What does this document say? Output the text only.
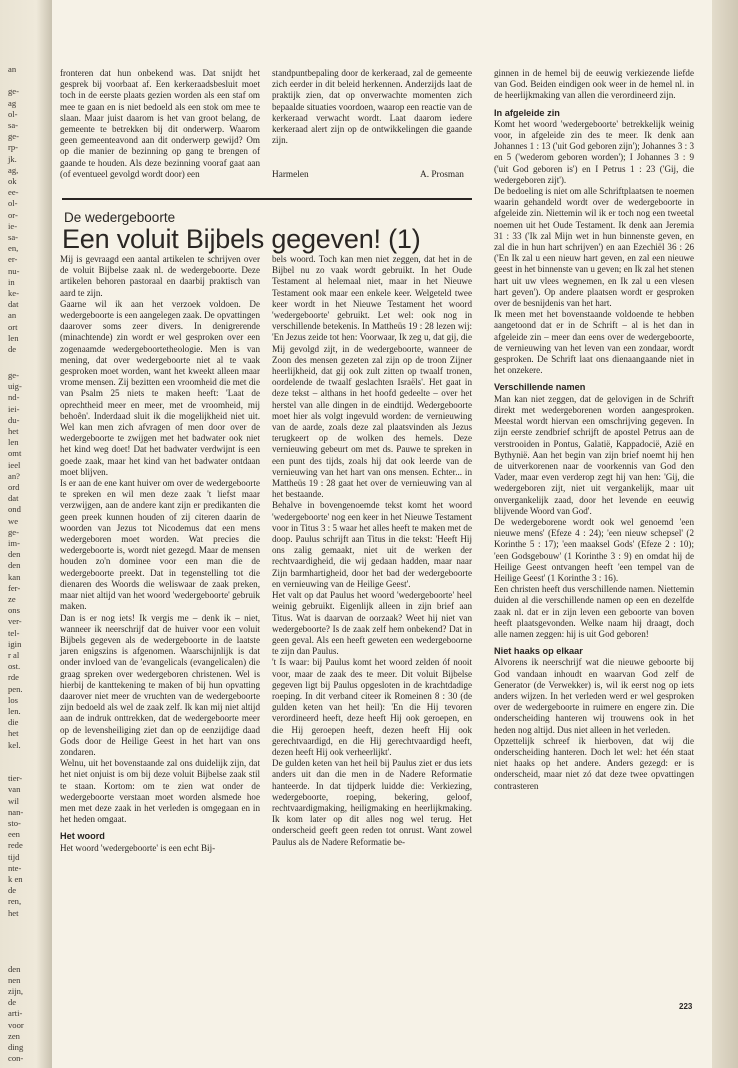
an
ge-
ag
ol-
sa-
ge-
rp-
jk.
ag,
ok
ee-
ol-
or-
ie-
sa-
en,
er-
nu-
in
ke-
dat
an
ort
len
de
ge-
uig-
nd-
iei-
du-
het
len
omt
ieel
an?
ord
dat
ond
we
ge-
im-
den
den
kan
fer-
ze
ons
ver-
tel-
igin
r al
ost.
rde
pen.
los
len.
die
het
kel.
tier-
van
wil
nan-
sto-
een
rede
tijd
nte-
k en
de
ren,
het
den
nen
zijn,
de
arti-
voor
zen
ding
con-

fronteren dat hun onbekend was. Dat snijdt het gesprek bij voorbaat af. Een kerkeraadsbesluit moet toch in de eerste plaats gezien worden als een staf om mee te gaan en is niet bedoeld als een stok om mee te slaan. Maar juist daarom is het van groot belang, de gemeente te betrekken bij dit onderwerp. Waarom geen gemeenteavond aan dit onderwerp gewijd? Om op die manier de bezinning op gang te brengen of gaande te houden. Als deze bezinning vooraf gaat aan (of eventueel gevolgd wordt door) een

De wedergeboorte
Een voluit Bijbels gegeven! (1)

Mij is gevraagd een aantal artikelen te schrijven over de voluit Bijbelse zaak nl. de wedergeboorte. Deze artikelen behoren pastoraal en daarbij praktisch van aard te zijn.

Gaarne wil ik aan het verzoek voldoen. De wedergeboorte is een aangelegen zaak. De opvattingen daarover soms zeer divers. In denigrerende (minachtende) zin wordt er wel gesproken over een zogenaamde wedergeboortetheologie. Men is van mening, dat over wedergeboorte niet al te vaak gesproken moet worden, want het kweekt alleen maar vrome mensen. Zij bezitten een vroomheid die met die van Psalm 25 niets te maken heeft: 'Laat de oprechtheid meer en meer, met de vroomheid, mij behoên'. Inderdaad sluit ik die mogelijkheid niet uit. Wel kan men zich afvragen of men door over de wedergeboorte te zwijgen met het badwater ook niet het kind weg doet! Dat het badwater verdwijnt is een goede zaak, maar het kind van het badwater ontdaan moet blijven.

Is er aan de ene kant huiver om over de wedergeboorte te spreken en wil men deze zaak 't liefst maar verzwijgen, aan de andere kant zijn er predikanten die geen preek kunnen houden of zij citeren daarin de woorden van Jezus tot Nicodemus dat een mens wedergeboren moet worden. Wat precies die wedergeboorte is, wordt niet gezegd. Maar de mensen houden zo'n dominee voor een man die de wedergeboorte preekt. Dat in tegenstelling tot die dienaren des Woords die weliswaar de zaak preken, maar niet altijd van het woord 'wedergeboorte' gebruik maken.

Dan is er nog iets! Ik vergis me – denk ik – niet, wanneer ik neerschrijf dat de huiver voor een voluit Bijbels gegeven als de wedergeboorte in de laatste jaren enigszins is afgenomen. Waarschijnlijk is dat onder invloed van de 'evangelicals (evangelicalen) die graag spreken over wedergeboren christenen. Wel is hierbij de kanttekening te maken of bij hun opvatting daarover niet meer de vruchten van de wedergeboorte zijn bedoeld als wel de zaak zelf. Ik kan mij niet altijd aan de indruk onttrekken, dat de wedergeboorte meer op de levensheiliging ziet dan op de eenzijdige daad Gods door de Heilige Geest in het hart van ons zondaren.

Welnu, uit het bovenstaande zal ons duidelijk zijn, dat het niet onjuist is om bij deze voluit Bijbelse zaak stil te staan. Kortom: om te zien wat onder de wedergeboorte verstaan moet worden alsmede hoe men met deze zaak in het verleden is omgegaan en in het heden omgaat.

Het woord

Het woord 'wedergeboorte' is een echt Bij-

standpuntbepaling door de kerkeraad, zal de gemeente zich eerder in dit beleid herkennen. Anderzijds laat de praktijk zien, dat op onverwachte momenten zich bepaalde situaties voordoen, waarop een reactie van de kerkeraad verwacht wordt. Laat daarom iedere kerkeraad alert zijn op de ontwikkelingen die gaande zijn.

Harmelen	A. Prosman

bels woord. Toch kan men niet zeggen, dat het in de Bijbel nu zo vaak wordt gebruikt. In het Oude Testament al helemaal niet, maar in het Nieuwe Testament ook maar een enkele keer. Welgeteld twee keer wordt in het Nieuwe Testament het woord 'wedergeboorte' gebruikt. Let wel: ook nog in verschillende betekenis. In Mattheüs 19 : 28 lezen wij: 'En Jezus zeide tot hen: Voorwaar, Ik zeg u, dat gij, die Mij gevolgd zijt, in de wedergeboorte, wanneer de Zoon des mensen gezeten zal zijn op de troon Zijner heerlijkheid, dat gij ook zult zitten op twaalf tronen, oordelende de twaalf geslachten Israëls'. Het gaat in deze tekst – althans in het hoofd gedeelte – over het herstel van alle dingen in de eindtijd. Wedergeboorte moet hier als volgt ingevuld worden: de vernieuwing van de aarde, zoals deze zal plaatsvinden als Jezus terugkeert op de wolken des hemels. Deze vernieuwing gebeurt om met ds. Pauwe te spreken in een punt des tijds, zoals hij dat ook leerde van de vernieuwing van het hart van ons mensen. Echter... in Mattheüs 19 : 28 gaat het over de vernieuwing van al het bestaande.

Behalve in bovengenoemde tekst komt het woord 'wedergeboorte' nog een keer in het Nieuwe Testament voor in Titus 3 : 5 waar het alles heeft te maken met de doop. Paulus schrijft aan Titus in die tekst: 'Heeft Hij ons zalig gemaakt, niet uit de werken der rechtvaardigheid, die wij gedaan hadden, maar naar Zijn barmhartigheid, door het bad der wedergeboorte en vernieuwing van de Heilige Geest'.

Het valt op dat Paulus het woord 'wedergeboorte' heel weinig gebruikt. Eigenlijk alleen in zijn brief aan Titus. Wat is daarvan de oorzaak? Weet hij niet van wedergeboorte? Is de zaak zelf hem onbekend? Dat in geen geval. Als een heeft geweten een wedergeboorne te zijn dan Paulus.

't Is waar: bij Paulus komt het woord zelden óf nooit voor, maar de zaak des te meer. Dit voluit Bijbelse gegeven ligt bij Paulus opgesloten in de krachtdadige roeping. In dit verband citeer ik Romeinen 8 : 30 (de gulden keten van het heil): 'En die Hij tevoren verordineerd heeft, deze heeft Hij ook geroepen, en die Hij geroepen heeft, dezen heeft Hij ook gerechtvaardigd, en die Hij gerechtvaardigd heeft, dezen heeft Hij ook verheerlijkt'.

De gulden keten van het heil bij Paulus ziet er dus iets anders uit dan die men in de Nadere Reformatie hanteerde. In dat tijdperk luidde die: Verkiezing, wedergeboorte, roeping, bekering, geloof, rechtvaardigmaking, heiligmaking en heerlijkmaking. Ik kom later op dit alles nog wel terug. Het onderscheid geeft geen reden tot onrust. Want zowel Paulus als de Nadere Reformatie be-

ginnen in de hemel bij de eeuwig verkiezende liefde van God. Beiden eindigen ook weer in de hemel nl. in de heerlijkmaking van allen die verordineerd zijn.

In afgeleide zin

Komt het woord 'wedergeboorte' betrekkelijk weinig voor, in afgeleide zin des te meer. Ik denk aan Johannes 1 : 13 ('uit God geboren zijn'); Johannes 3 : 3 en 5 ('wederom geboren worden'); I Johannes 3 : 9 ('uit God geboren is') en I Petrus 1 : 23 ('Gij, die wedergeboren zijt').

De bedoeling is niet om alle Schriftplaatsen te noemen waarin gehandeld wordt over de wedergeboorte in afgeleide zin. Niettemin wil ik er toch nog een tweetal noemen uit het Oude Testament. Ik denk aan Jeremia 31 : 33 ('Ik zal Mijn wet in hun binnenste geven, en zal die in hun hart schrijven') en aan Ezechiël 36 : 26 ('En Ik zal u een nieuw hart geven, en zal een nieuwe geest in het binnenste van u geven; en Ik zal het stenen hart uit uw vlees wegnemen, en Ik zal u een vlesen hart geven'). Op andere plaatsen wordt er gesproken over de besnijdenis van het hart.

Ik meen met het bovenstaande voldoende te hebben aangetoond dat er in de Schrift – al is het dan in afgeleide zin – meer dan eens over de wedergeboorte, de vernieuwing van het leven van een zondaar, wordt gesproken. De Schrift laat ons dienaangaande niet in het onzekere.

Verschillende namen

Man kan niet zeggen, dat de gelovigen in de Schrift direkt met wedergeborenen worden aangesproken. Meestal wordt hiervan een omschrijving gegeven. In zijn eerste zendbrief schrijft de apostel Petrus aan de verstrooiden in Pontus, Galatië, Kappadocië, Azië en Bythynië. Aan het begin van zijn brief noemt hij hen de uitverkorenen naar de voorkennis van God den Vader, maar even verderop zegt hij van hen: 'Gij, die wedergeboren zijt, niet uit vergankelijk, maar uit onvergankelijk zaad, door het levende en eeuwig blijvende Woord van God'.

De wedergeborene wordt ook wel genoemd 'een nieuwe mens' (Efeze 4 : 24); 'een nieuw schepsel' (2 Korinthe 5 : 17); 'een maaksel Gods' (Efeze 2 : 10); 'een Godsgebouw' (1 Korinthe 3 : 9) en omdat hij de Heilige Geest ontvangen heeft 'een tempel van de Heilige Geest' (1 Korinthe 3 : 16).

Een christen heeft dus verschillende namen. Niettemin duiden al die verschillende namen op een en dezelfde zaak nl. dat er in zijn leven een geboorte van boven heeft plaatsgevonden. Welke naam hij draagt, doch alle namen zeggen: hij is uit God geboren!

Niet haaks op elkaar

Alvorens ik neerschrijf wat die nieuwe geboorte bij God vandaan inhoudt en waarvan God zelf de Generator (de Verwekker) is, wil ik eerst nog op iets anders wijzen. In het verleden werd er wel gesproken over de wedergeboorte in ruimere en engere zin. Die onderscheiding hanteren wij trouwens ook in het heden nog altijd. Dus niet alleen in het verleden.

Opzettelijk schreef ik hierboven, dat wij die onderscheiding hanteren. Doch let wel: het één staat niet haaks op het andere. Anders gezegd: er is onderscheid, maar niet zó dat deze twee opvattingen contrasteren

223
